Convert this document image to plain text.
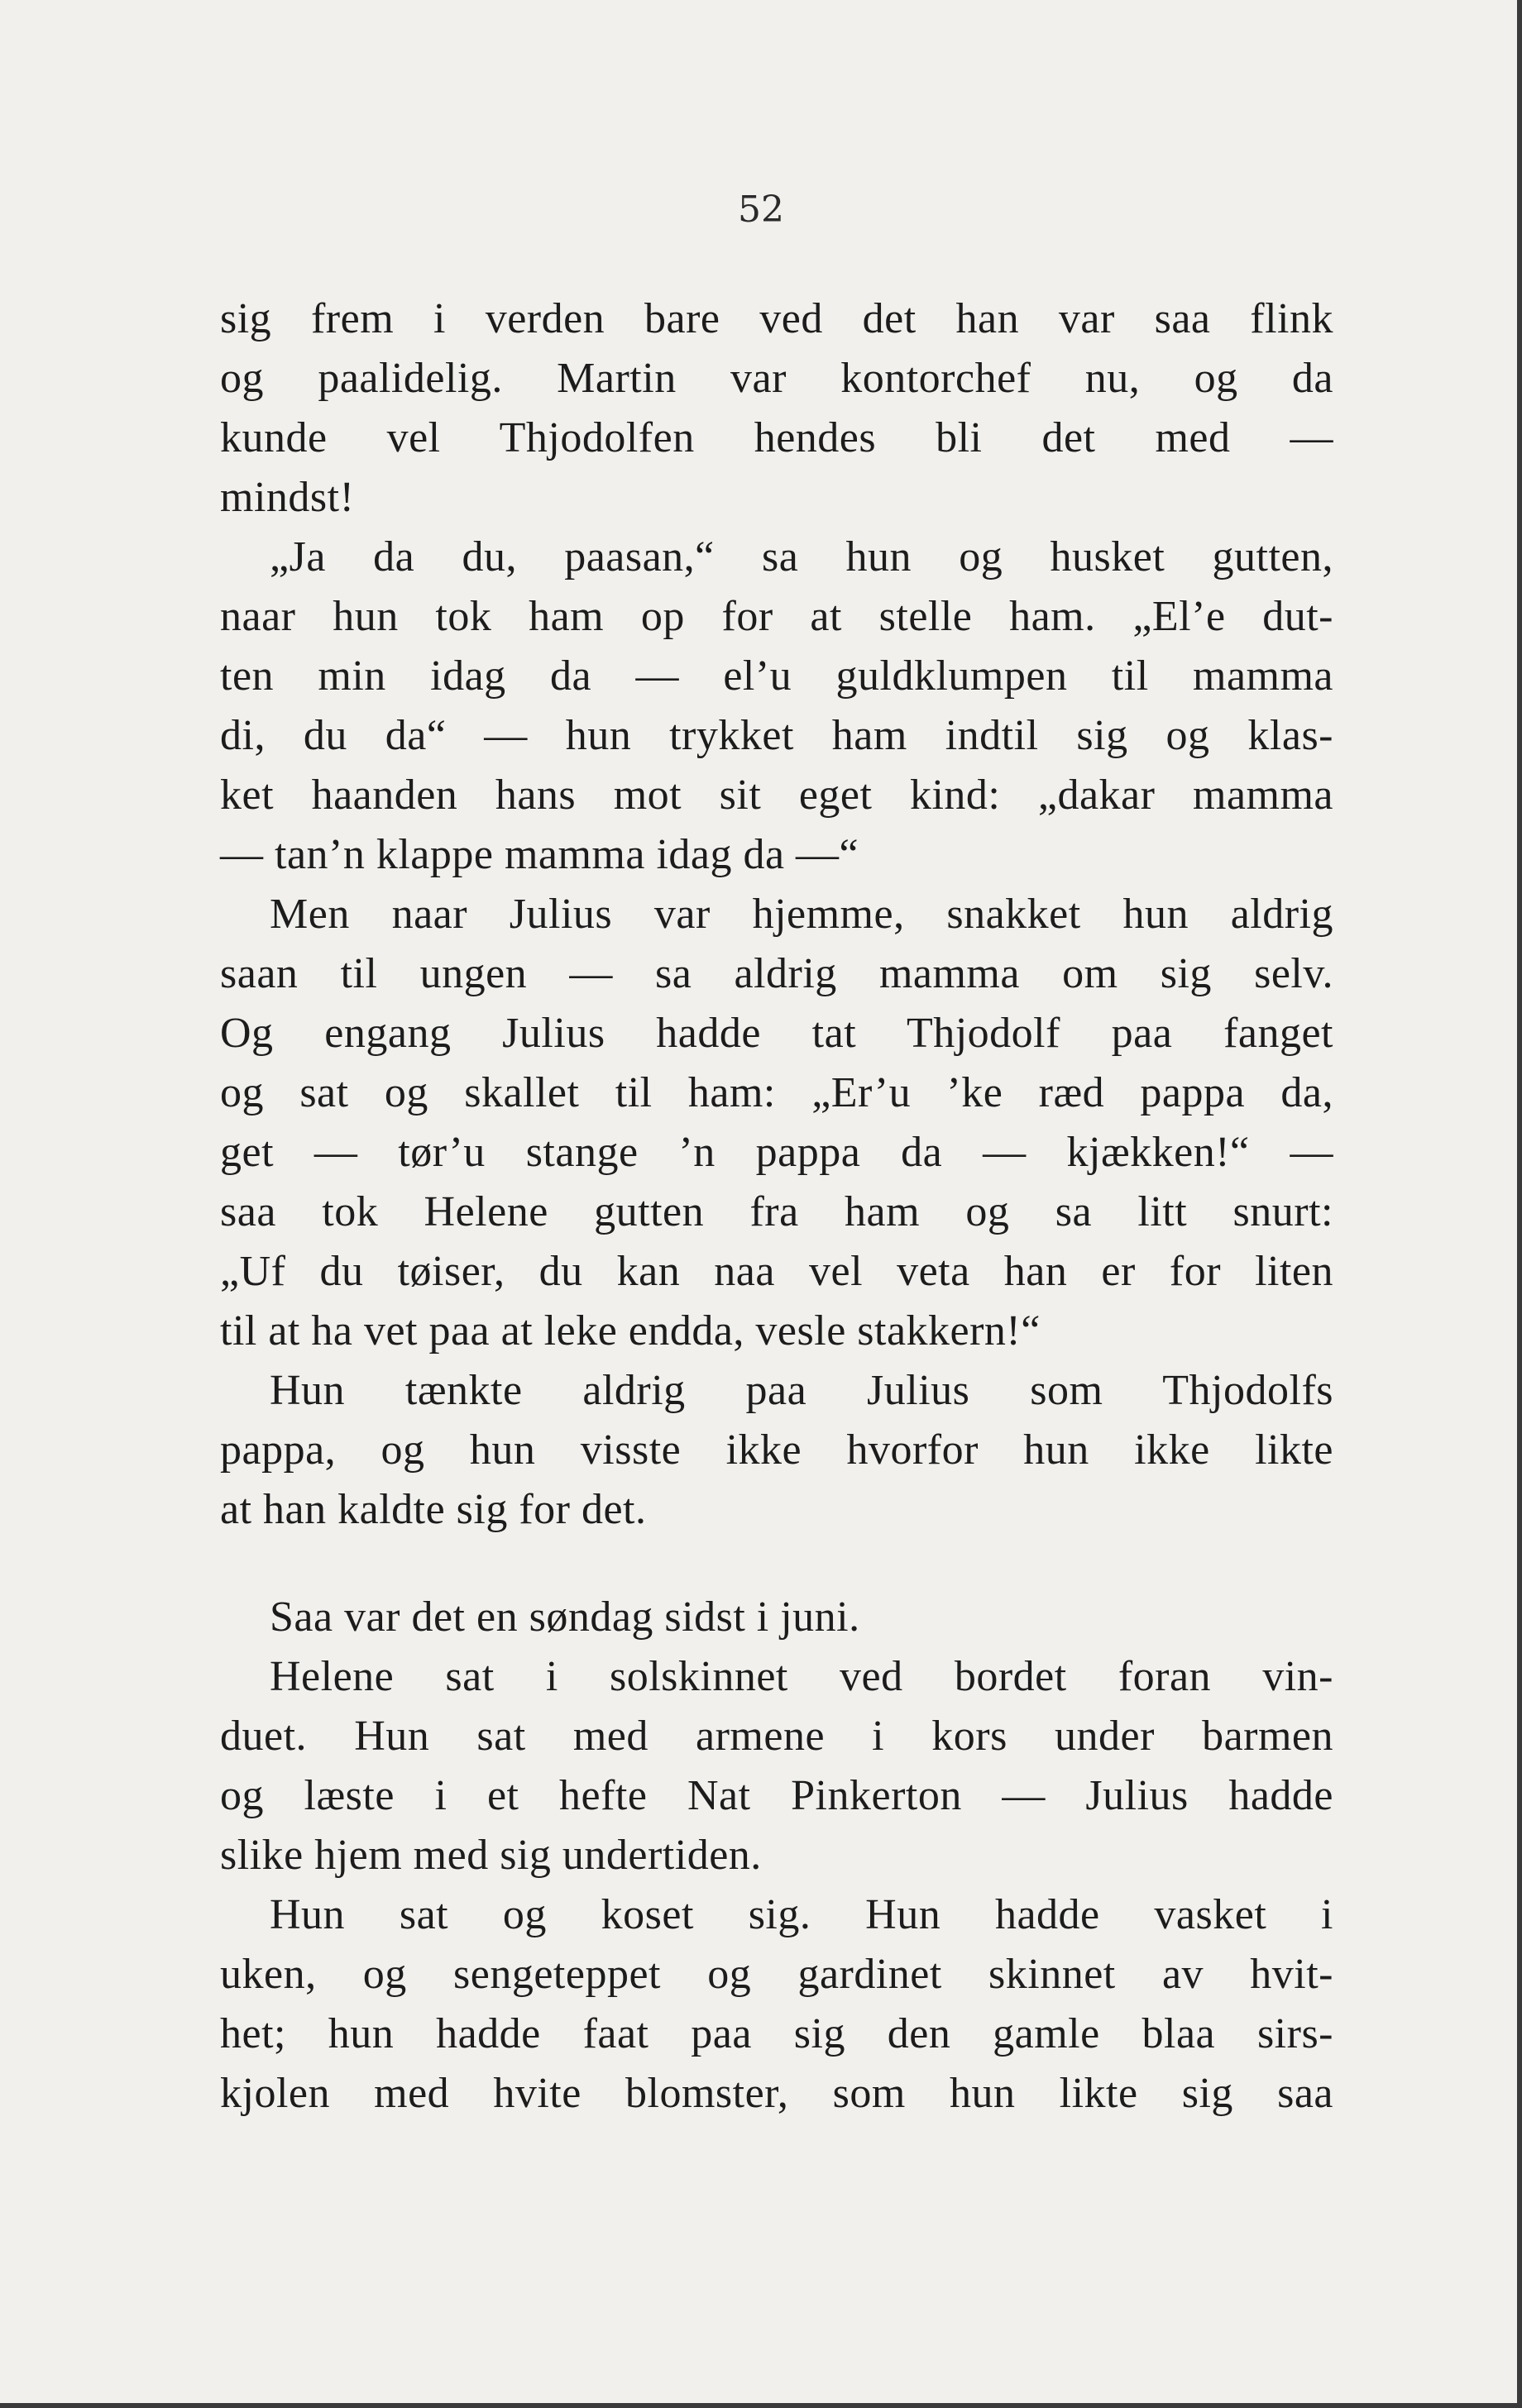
52
sig frem i verden bare ved det han var saa flink
og paalidelig. Martin var kontorchef nu, og da
kunde vel Thjodolfen hendes bli det med —
mindst!
„Ja da du, paasan,“ sa hun og husket gutten,
naar hun tok ham op for at stelle ham. „El’e dut-
ten min idag da — el’u guldklumpen til mamma
di, du da“ — hun trykket ham indtil sig og klas-
ket haanden hans mot sit eget kind: „dakar mamma
— tan’n klappe mamma idag da —“
Men naar Julius var hjemme, snakket hun aldrig
saan til ungen — sa aldrig mamma om sig selv.
Og engang Julius hadde tat Thjodolf paa fanget
og sat og skallet til ham: „Er’u ’ke ræd pappa da,
get — tør’u stange ’n pappa da — kjækken!“ —
saa tok Helene gutten fra ham og sa litt snurt:
„Uf du tøiser, du kan naa vel veta han er for liten
til at ha vet paa at leke endda, vesle stakkern!“
Hun tænkte aldrig paa Julius som Thjodolfs
pappa, og hun visste ikke hvorfor hun ikke likte
at han kaldte sig for det.
Saa var det en søndag sidst i juni.
Helene sat i solskinnet ved bordet foran vin-
duet. Hun sat med armene i kors under barmen
og læste i et hefte Nat Pinkerton — Julius hadde
slike hjem med sig undertiden.
Hun sat og koset sig. Hun hadde vasket i
uken, og sengeteppet og gardinet skinnet av hvit-
het; hun hadde faat paa sig den gamle blaa sirs-
kjolen med hvite blomster, som hun likte sig saa
